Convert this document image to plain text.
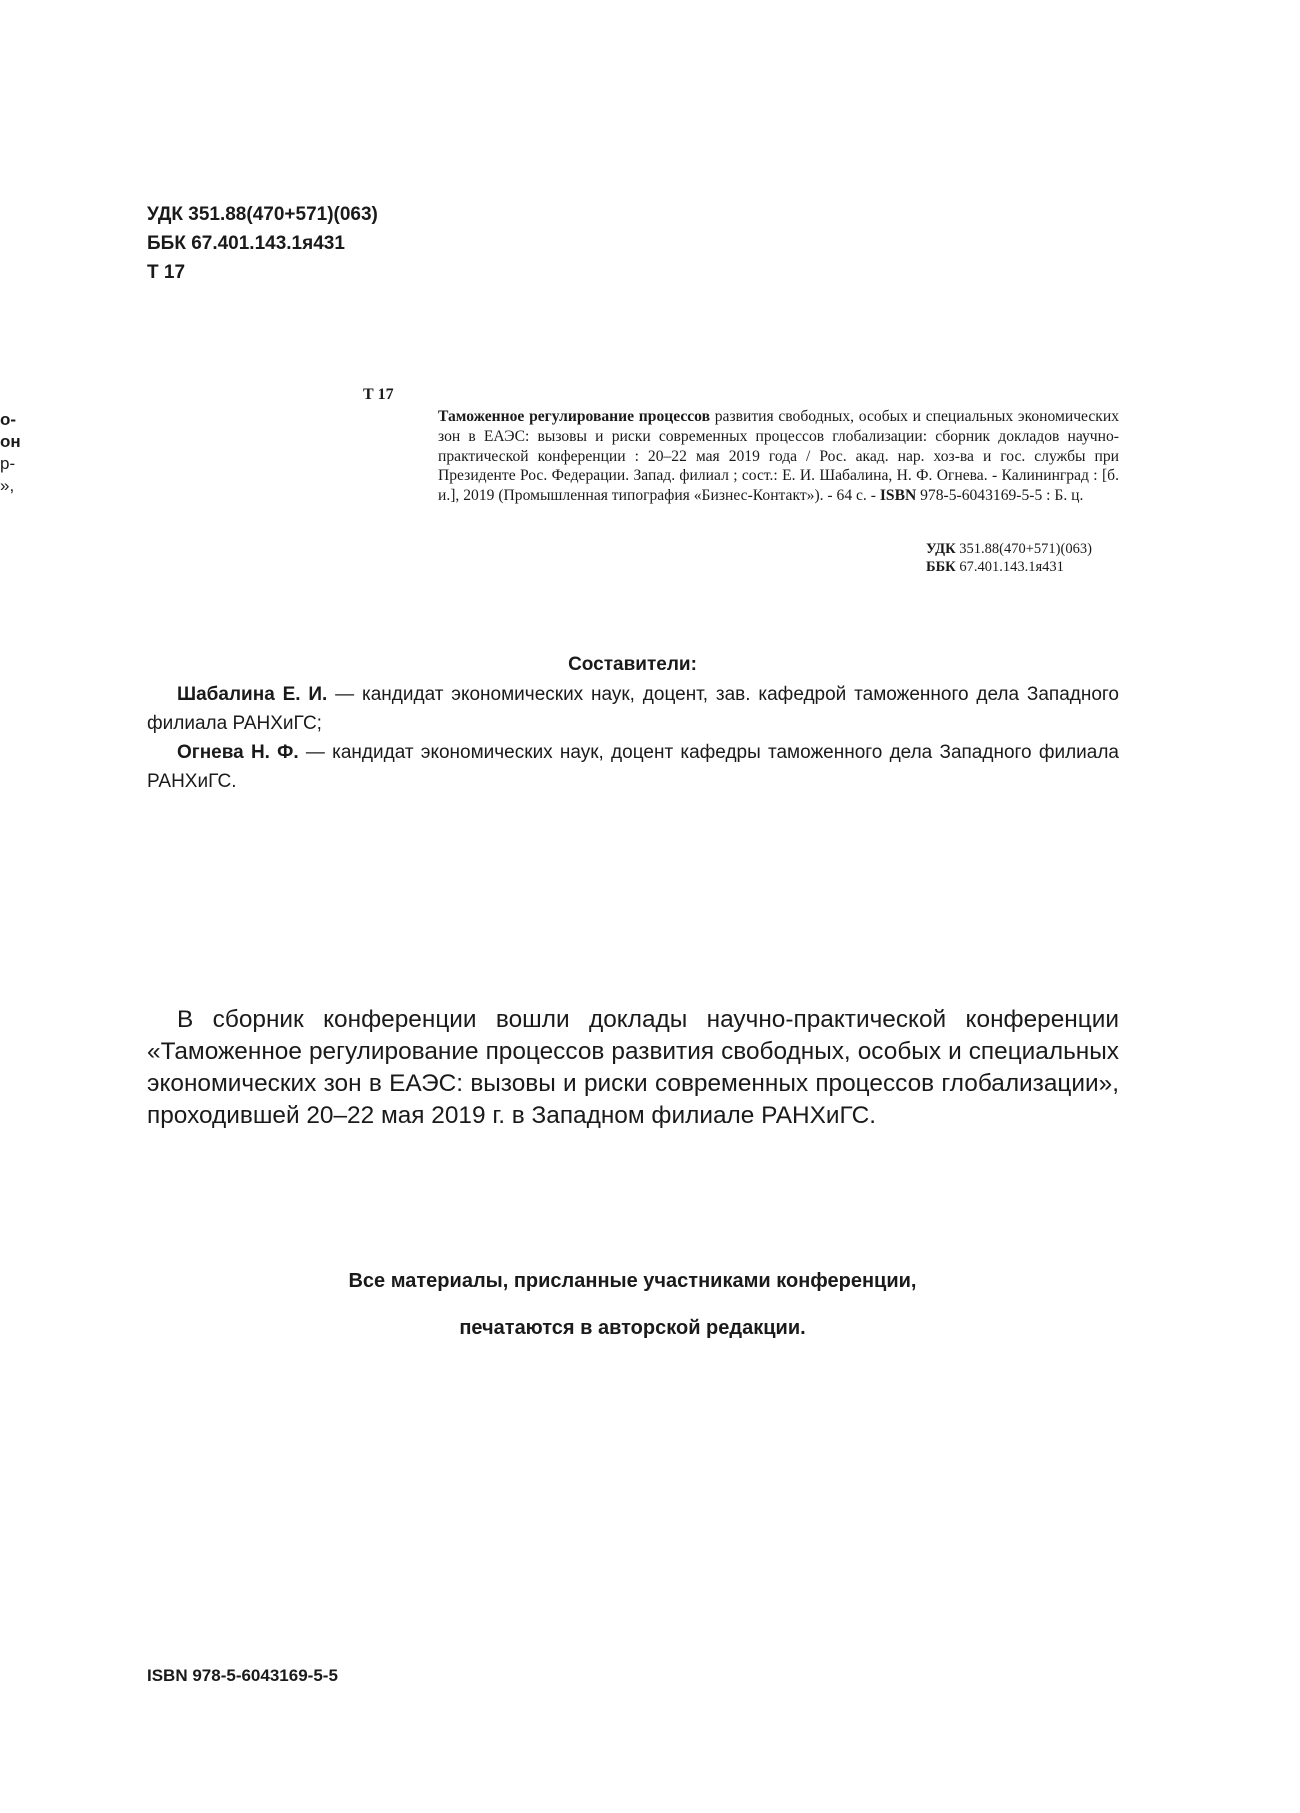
УДК 351.88(470+571)(063)
ББК 67.401.143.1я431
Т 17
о-
он
р-
»,
Т 17
Таможенное регулирование процессов развития свободных, особых и специальных экономических зон в ЕАЭС: вызовы и риски современных процессов глобализации: сборник докладов научно-практической конференции : 20–22 мая 2019 года / Рос. акад. нар. хоз-ва и гос. службы при Президенте Рос. Федерации. Запад. филиал ; сост.: Е. И. Шабалина, Н. Ф. Огнева. - Калининград : [б. и.], 2019 (Промышленная типография «Бизнес-Контакт»). - 64 с. - ISBN 978-5-6043169-5-5 : Б. ц.
УДК 351.88(470+571)(063)
ББК 67.401.143.1я431
Составители:

Шабалина Е. И. — кандидат экономических наук, доцент, зав. кафедрой таможенного дела Западного филиала РАНХиГС;

Огнева Н. Ф. — кандидат экономических наук, доцент кафедры таможенного дела Западного филиала РАНХиГС.

В сборник конференции вошли доклады научно-практической конференции «Таможенное регулирование процессов развития свободных, особых и специальных экономических зон в ЕАЭС: вызовы и риски современных процессов глобализации», проходившей 20–22 мая 2019 г. в Западном филиале РАНХиГС.
Все материалы, присланные участниками конференции,
печатаются в авторской редакции.
ISBN 978-5-6043169-5-5
